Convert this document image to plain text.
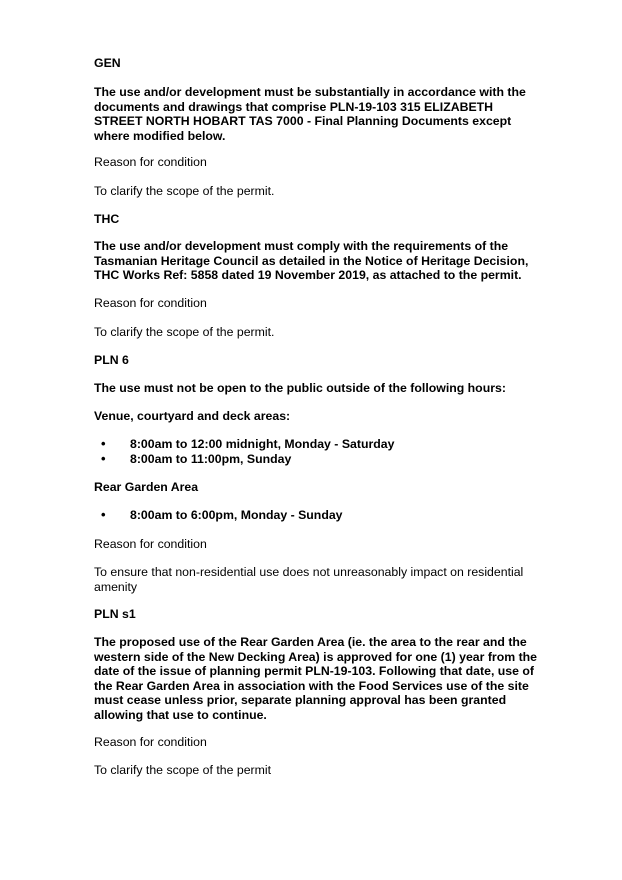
GEN

The use and/or development must be substantially in accordance with the documents and drawings that comprise PLN-19-103 315 ELIZABETH STREET NORTH HOBART TAS 7000 - Final Planning Documents except where modified below.

Reason for condition

To clarify the scope of the permit.

THC

The use and/or development must comply with the requirements of the Tasmanian Heritage Council as detailed in the Notice of Heritage Decision, THC Works Ref: 5858 dated 19 November 2019, as attached to the permit.

Reason for condition

To clarify the scope of the permit.

PLN 6

The use must not be open to the public outside of the following hours:

Venue, courtyard and deck areas:

• 8:00am to 12:00 midnight, Monday - Saturday

• 8:00am to 11:00pm, Sunday

Rear Garden Area

• 8:00am to 6:00pm, Monday - Sunday

Reason for condition

To ensure that non-residential use does not unreasonably impact on residential amenity

PLN s1

The proposed use of the Rear Garden Area (ie. the area to the rear and the western side of the New Decking Area) is approved for one (1) year from the date of the issue of planning permit PLN-19-103. Following that date, use of the Rear Garden Area in association with the Food Services use of the site must cease unless prior, separate planning approval has been granted allowing that use to continue.

Reason for condition

To clarify the scope of the permit
